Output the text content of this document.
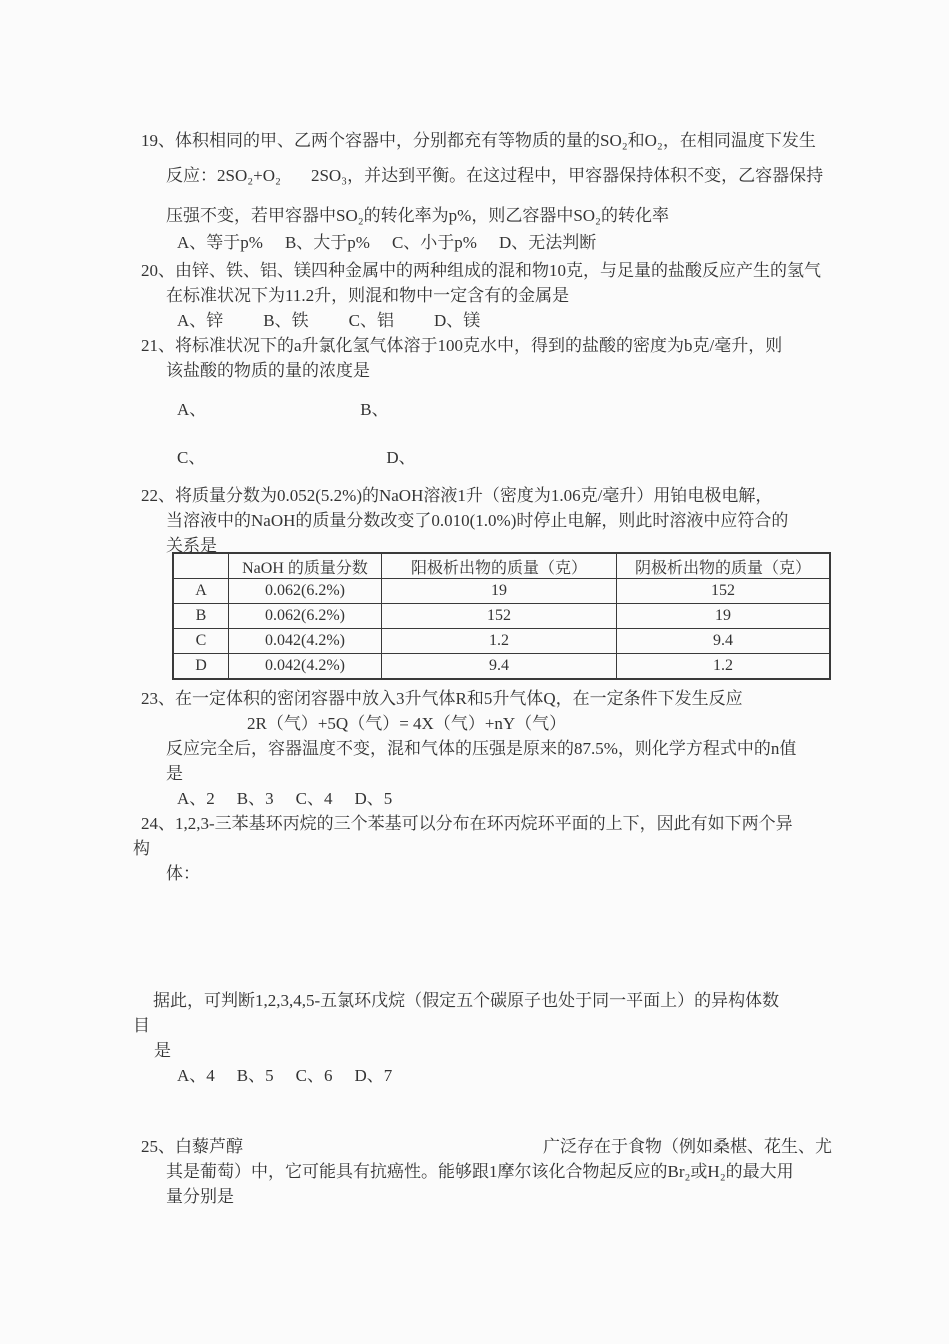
19、体积相同的甲、乙两个容器中，分别都充有等物质的量的SO₂和O₂，在相同温度下发生
反应：2SO₂+O₂ 2SO₃，并达到平衡。在这过程中，甲容器保持体积不变，乙容器保持
压强不变，若甲容器中SO₂的转化率为p%，则乙容器中SO₂的转化率
A、等于p% B、大于p% C、小于p% D、无法判断
20、由锌、铁、铝、镁四种金属中的两种组成的混和物10克，与足量的盐酸反应产生的氢气
在标准状况下为11.2升，则混和物中一定含有的金属是
A、锌 B、铁 C、铝 D、镁
21、将标准状况下的a升氯化氢气体溶于100克水中，得到的盐酸的密度为b克/毫升，则
该盐酸的物质的量的浓度是
A、	B、
C、	D、
22、将质量分数为0.052(5.2%)的NaOH溶液1升（密度为1.06克/毫升）用铂电极电解，
当溶液中的NaOH的质量分数改变了0.010(1.0%)时停止电解，则此时溶液中应符合的
关系是
	NaOH 的质量分数	阳极析出物的质量（克）	阴极析出物的质量（克）
A	0.062(6.2%)	19	152
B	0.062(6.2%)	152	19
C	0.042(4.2%)	1.2	9.4
D	0.042(4.2%)	9.4	1.2
23、在一定体积的密闭容器中放入3升气体R和5升气体Q，在一定条件下发生反应
2R（气）+5Q（气）= 4X（气）+nY（气）
反应完全后，容器温度不变，混和气体的压强是原来的87.5%，则化学方程式中的n值
是
A、2 B、3 C、4 D、5
24、1,2,3-三苯基环丙烷的三个苯基可以分布在环丙烷环平面的上下，因此有如下两个异
构
体：
据此，可判断1,2,3,4,5-五氯环戊烷（假定五个碳原子也处于同一平面上）的异构体数
目
是
A、4 B、5 C、6 D、7
25、白藜芦醇	广泛存在于食物（例如桑椹、花生、尤
其是葡萄）中，它可能具有抗癌性。能够跟1摩尔该化合物起反应的Br₂或H₂的最大用
量分别是
